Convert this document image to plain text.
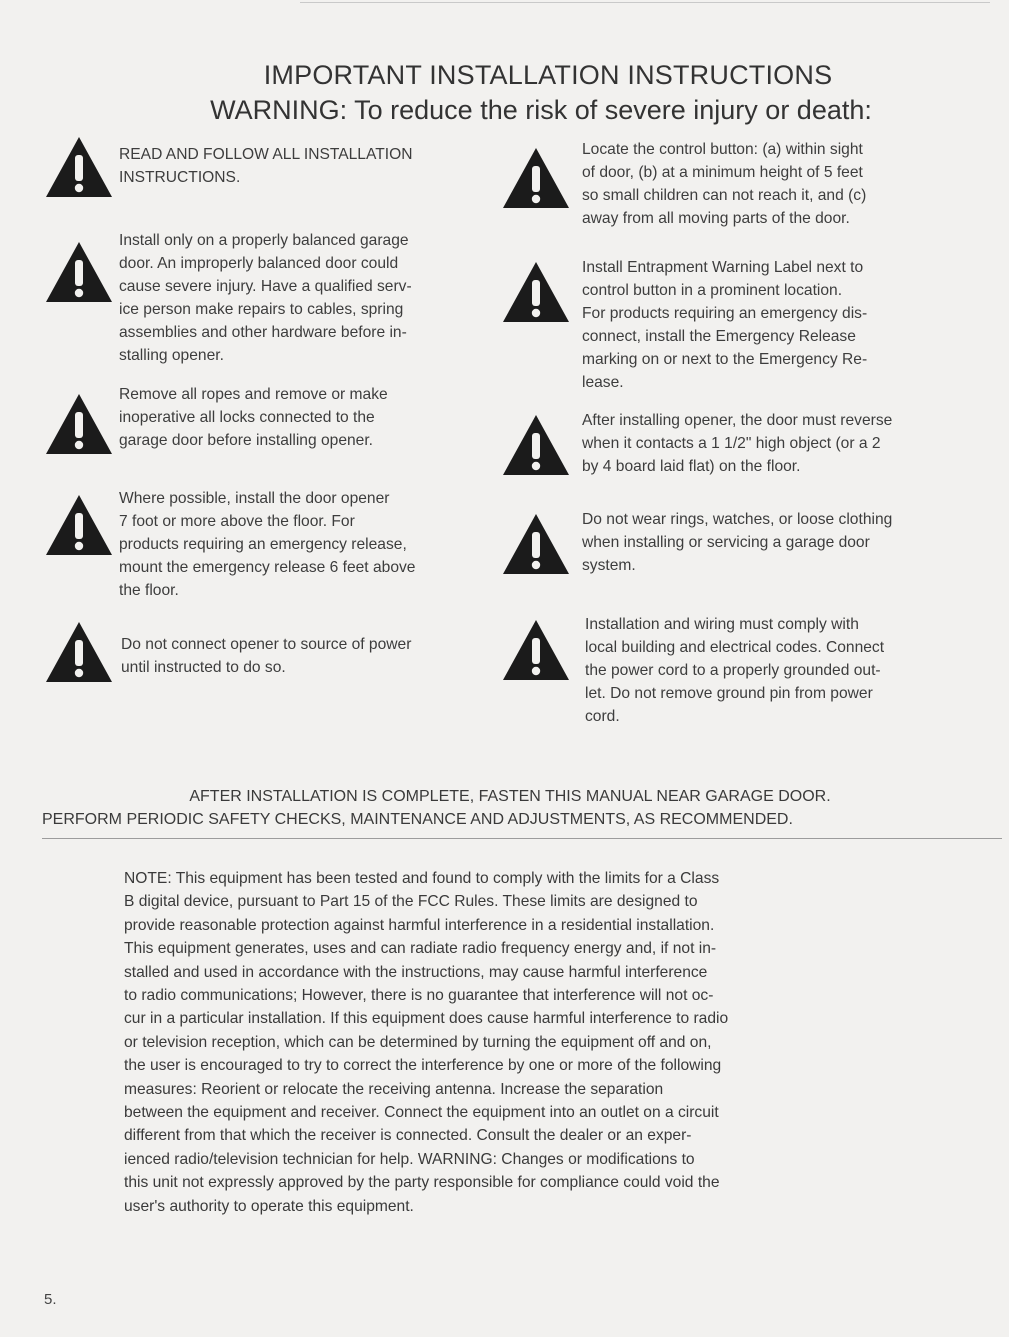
IMPORTANT INSTALLATION INSTRUCTIONS
WARNING: To reduce the risk of severe injury or death:
READ AND FOLLOW ALL INSTALLATION
INSTRUCTIONS.
Install only on a properly balanced garage
door. An improperly balanced door could
cause severe injury. Have a qualified serv-
ice person make repairs to cables, spring
assemblies and other hardware before in-
stalling opener.
Remove all ropes and remove or make
inoperative all locks connected to the
garage door before installing opener.
Where possible, install the door opener
7 foot or more above the floor. For
products requiring an emergency release,
mount the emergency release 6 feet above
the floor.
Do not connect opener to source of power
until instructed to do so.
Locate the control button: (a) within sight
of door, (b) at a minimum height of 5 feet
so small children can not reach it, and (c)
away from all moving parts of the door.
Install Entrapment Warning Label next to
control button in a prominent location.
For products requiring an emergency dis-
connect, install the Emergency Release
marking on or next to the Emergency Re-
lease.
After installing opener, the door must reverse
when it contacts a 1 1/2" high object (or a 2
by 4 board laid flat) on the floor.
Do not wear rings, watches, or loose clothing
when installing or servicing a garage door
system.
Installation and wiring must comply with
local building and electrical codes. Connect
the power cord to a properly grounded out-
let. Do not remove ground pin from power
cord.
AFTER INSTALLATION IS COMPLETE, FASTEN THIS MANUAL NEAR GARAGE DOOR.
PERFORM PERIODIC SAFETY CHECKS, MAINTENANCE AND ADJUSTMENTS, AS RECOMMENDED.
NOTE: This equipment has been tested and found to comply with the limits for a Class
B digital device, pursuant to Part 15 of the FCC Rules. These limits are designed to
provide reasonable protection against harmful interference in a residential installation.
This equipment generates, uses and can radiate radio frequency energy and, if not in-
stalled and used in accordance with the instructions, may cause harmful interference
to radio communications; However, there is no guarantee that interference will not oc-
cur in a particular installation. If this equipment does cause harmful interference to radio
or television reception, which can be determined by turning the equipment off and on,
the user is encouraged to try to correct the interference by one or more of the following
measures: Reorient or relocate the receiving antenna. Increase the separation
between the equipment and receiver. Connect the equipment into an outlet on a circuit
different from that which the receiver is connected. Consult the dealer or an exper-
ienced radio/television technician for help. WARNING: Changes or modifications to
this unit not expressly approved by the party responsible for compliance could void the
user's authority to operate this equipment.
5.
